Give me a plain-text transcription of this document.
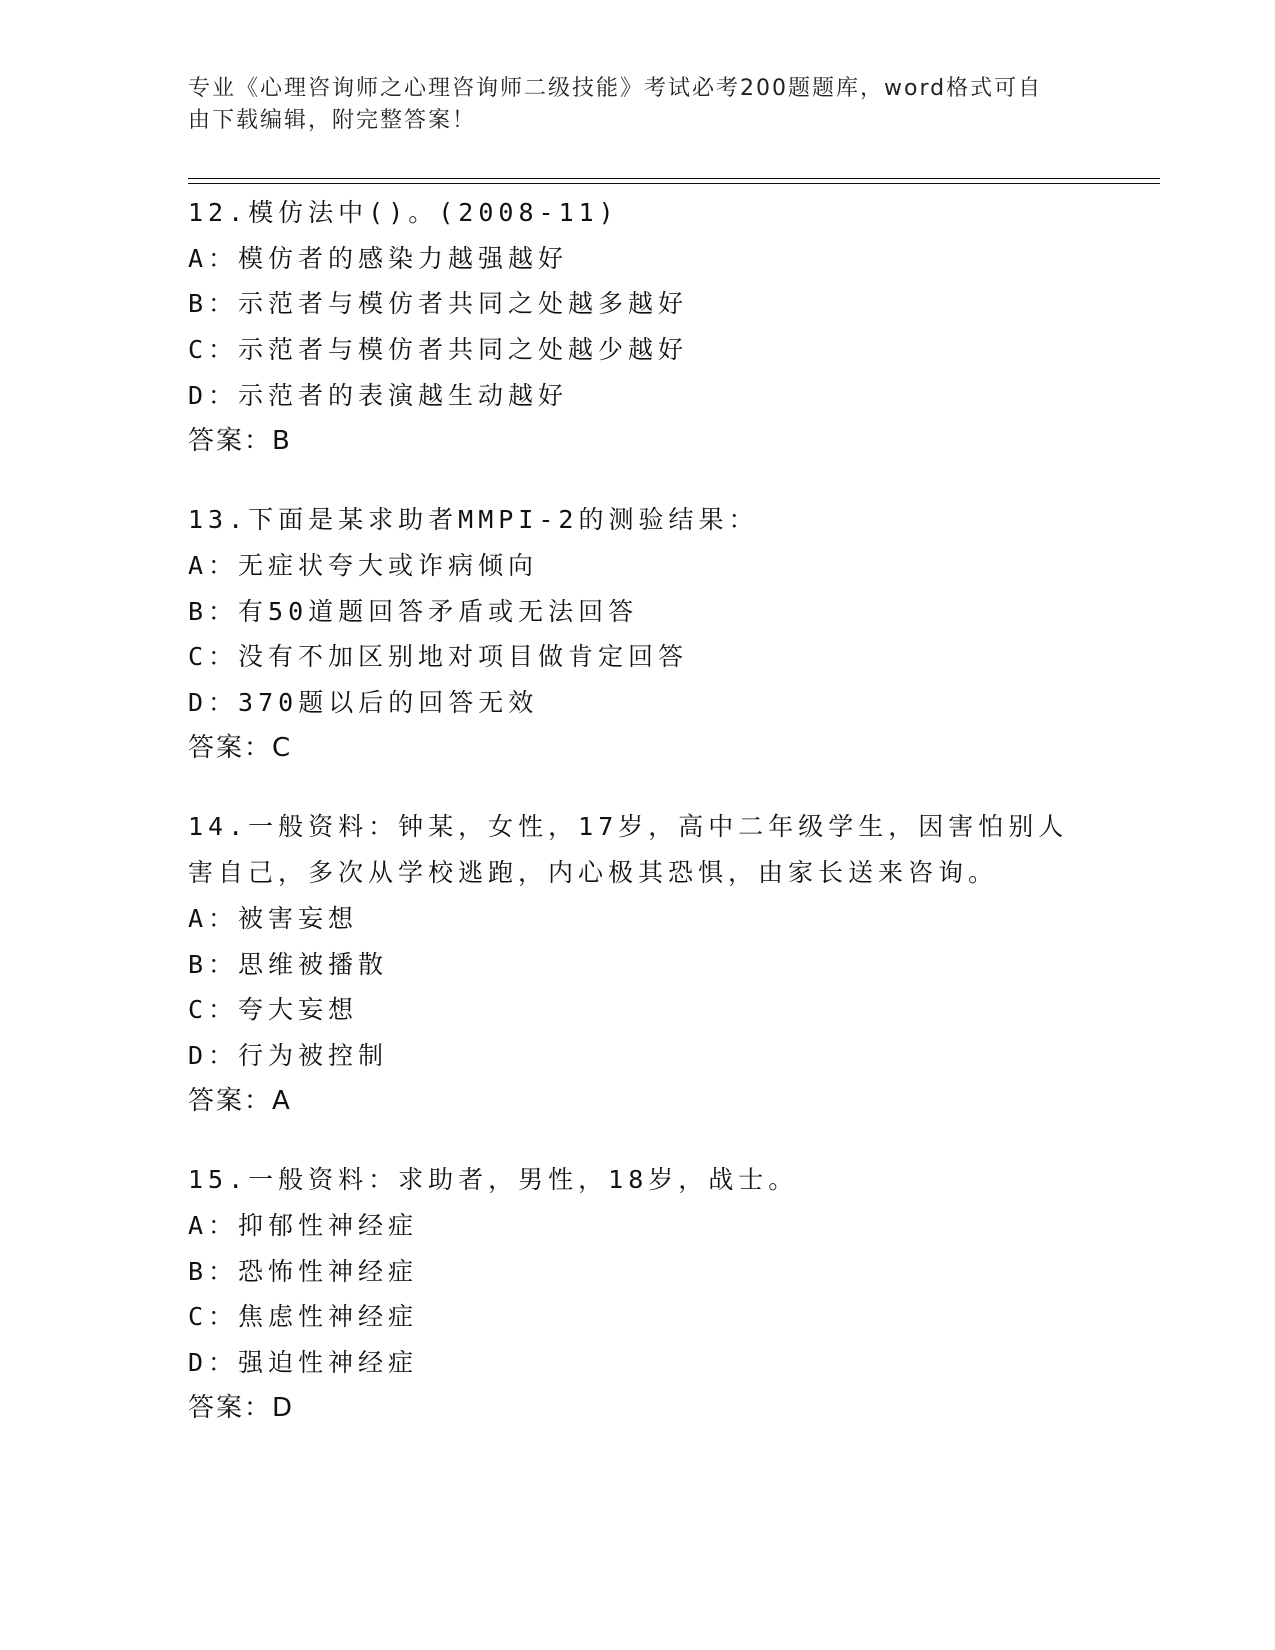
专业《心理咨询师之心理咨询师二级技能》考试必考200题题库，word格式可自
由下载编辑，附完整答案！
12.模仿法中()。(2008-11)
A：模仿者的感染力越强越好
B：示范者与模仿者共同之处越多越好
C：示范者与模仿者共同之处越少越好
D：示范者的表演越生动越好
答案：B
13.下面是某求助者MMPI-2的测验结果：
A：无症状夸大或诈病倾向
B：有50道题回答矛盾或无法回答
C：没有不加区别地对项目做肯定回答
D：370题以后的回答无效
答案：C
14.一般资料：钟某，女性，17岁，高中二年级学生，因害怕别人害自己，多次从学校逃跑，内心极其恐惧，由家长送来咨询。
A：被害妄想
B：思维被播散
C：夸大妄想
D：行为被控制
答案：A
15.一般资料：求助者，男性，18岁，战士。
A：抑郁性神经症
B：恐怖性神经症
C：焦虑性神经症
D：强迫性神经症
答案：D
